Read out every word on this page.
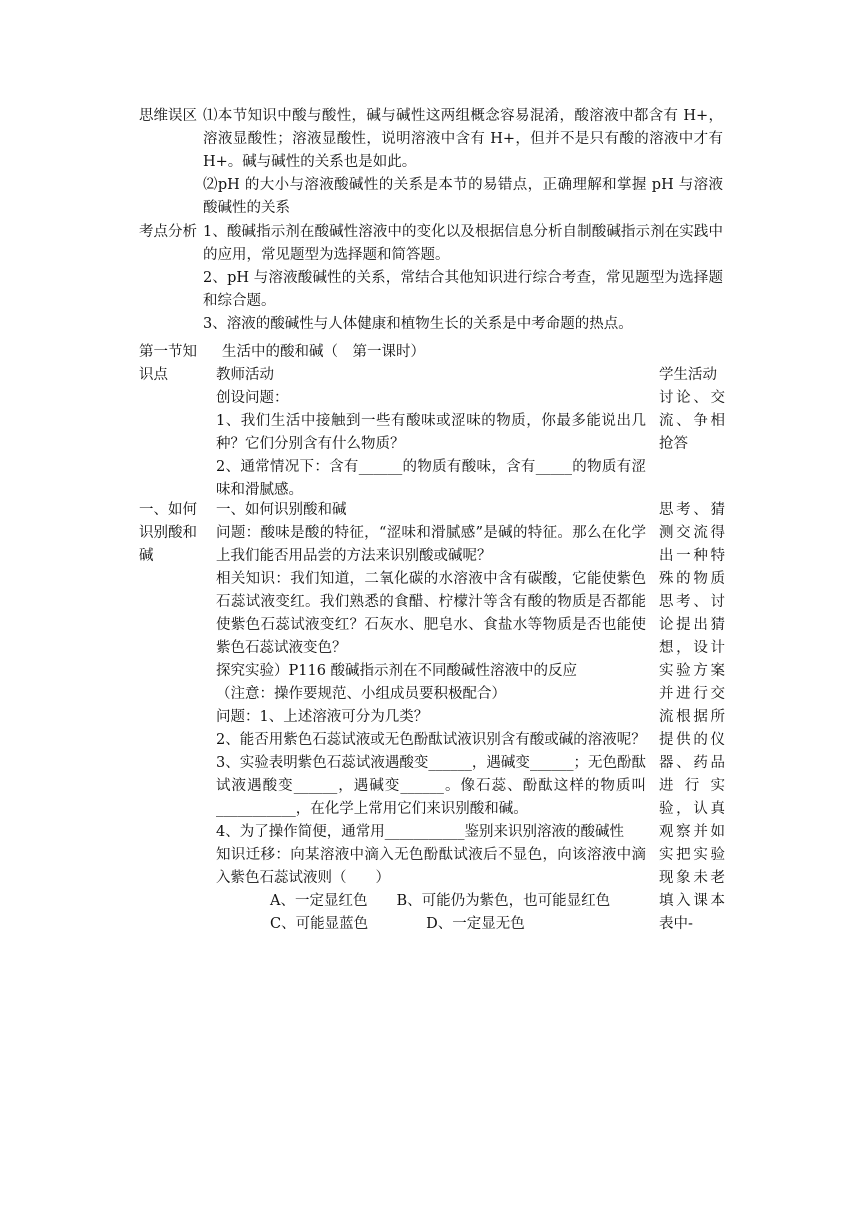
思维误区 ⑴本节知识中酸与酸性，碱与碱性这两组概念容易混淆，酸溶液中都含有 H+，溶液显酸性；溶液显酸性，说明溶液中含有 H+，但并不是只有酸的溶液中才有 H+。碱与碱性的关系也是如此。
⑵pH 的大小与溶液酸碱性的关系是本节的易错点，正确理解和掌握 pH 与溶液酸碱性的关系
考点分析 1、酸碱指示剂在酸碱性溶液中的变化以及根据信息分析自制酸碱指示剂在实践中的应用，常见题型为选择题和简答题。
2、pH 与溶液酸碱性的关系，常结合其他知识进行综合考查，常见题型为选择题和综合题。
3、溶液的酸碱性与人体健康和植物生长的关系是中考命题的热点。
第一节知识点
生活中的酸和碱（　第一课时）
教师活动
创设问题：
1、我们生活中接触到一些有酸味或涩味的物质，你最多能说出几种？它们分别含有什么物质？
2、通常情况下：含有______的物质有酸味，含有_____的物质有涩味和滑腻感。
学生活动
讨论、交流、争相抢答
一、如何识别酸和碱
一、如何识别酸和碱
问题：酸味是酸的特征，“涩味和滑腻感”是碱的特征。那么在化学上我们能否用品尝的方法来识别酸或碱呢？
相关知识：我们知道，二氧化碳的水溶液中含有碳酸，它能使紫色石蕊试液变红。我们熟悉的食醋、柠檬汁等含有酸的物质是否都能使紫色石蕊试液变红？石灰水、肥皂水、食盐水等物质是否也能使紫色石蕊试液变色？
探究实验）P116 酸碱指示剂在不同酸碱性溶液中的反应
（注意：操作要规范、小组成员要积极配合）
问题：1、上述溶液可分为几类？
2、能否用紫色石蕊试液或无色酚酞试液识别含有酸或碱的溶液呢？
3、实验表明紫色石蕊试液遇酸变______，遇碱变______；无色酚酞试液遇酸变______，遇碱变______。像石蕊、酚酞这样的物质叫___________，在化学上常用它们来识别酸和碱。
4、为了操作简便，通常用___________鉴别来识别溶液的酸碱性
知识迁移：向某溶液中滴入无色酚酞试液后不显色，向该溶液中滴入紫色石蕊试液则（　　）
A、一定显红色　　B、可能仍为紫色，也可能显红色
C、可能显蓝色　　　　D、一定显无色
思考、猜测交流得出一种特殊的物质思考、讨论提出猜想，设计实验方案并进行交流根据所提供的仪器、药品进行实验，认真观察并如实把实验现象未老填入课本表中-
